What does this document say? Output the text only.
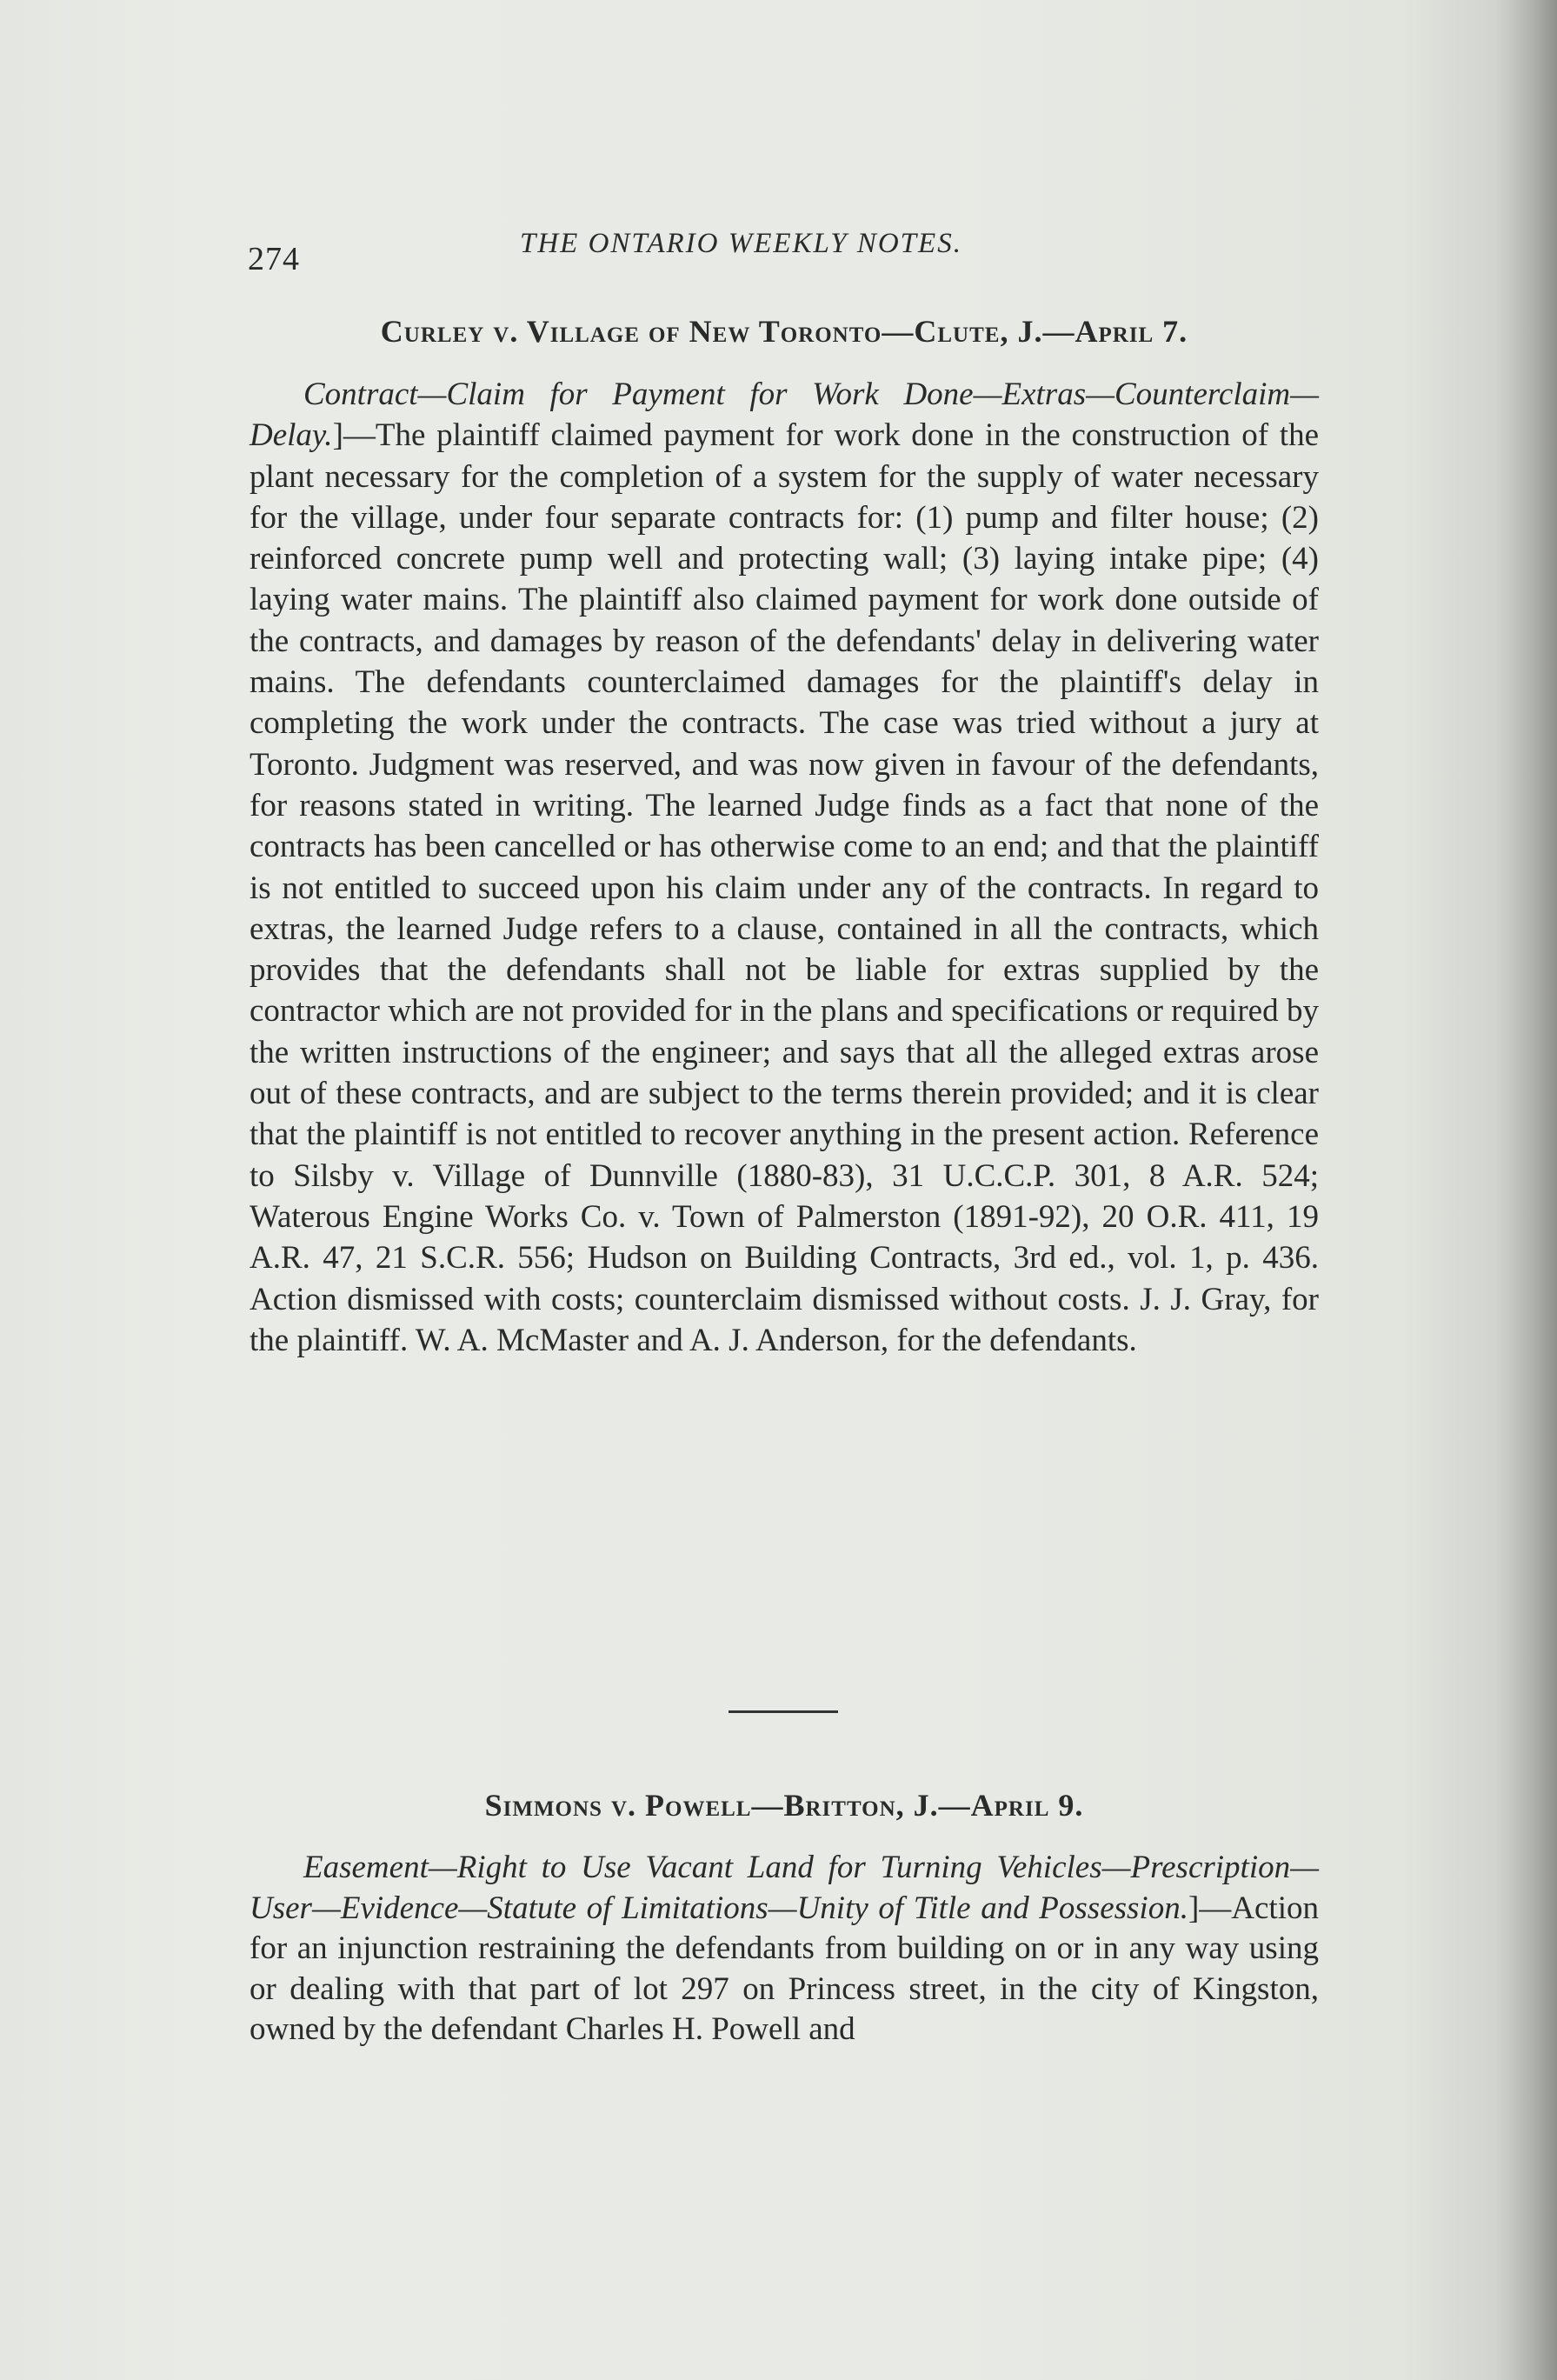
274	THE ONTARIO WEEKLY NOTES.
Curley v. Village of New Toronto—Clute, J.—April 7.

Contract—Claim for Payment for Work Done—Extras—Counterclaim—Delay.]—The plaintiff claimed payment for work done in the construction of the plant necessary for the completion of a system for the supply of water necessary for the village, under four separate contracts for: (1) pump and filter house; (2) reinforced concrete pump well and protecting wall; (3) laying intake pipe; (4) laying water mains. The plaintiff also claimed payment for work done outside of the contracts, and damages by reason of the defendants' delay in delivering water mains. The defendants counterclaimed damages for the plaintiff's delay in completing the work under the contracts. The case was tried without a jury at Toronto. Judgment was reserved, and was now given in favour of the defendants, for reasons stated in writing. The learned Judge finds as a fact that none of the contracts has been cancelled or has otherwise come to an end; and that the plaintiff is not entitled to succeed upon his claim under any of the contracts. In regard to extras, the learned Judge refers to a clause, contained in all the contracts, which provides that the defendants shall not be liable for extras supplied by the contractor which are not provided for in the plans and specifications or required by the written instructions of the engineer; and says that all the alleged extras arose out of these contracts, and are subject to the terms therein provided; and it is clear that the plaintiff is not entitled to recover anything in the present action. Reference to Silsby v. Village of Dunnville (1880-83), 31 U.C.C.P. 301, 8 A.R. 524; Waterous Engine Works Co. v. Town of Palmerston (1891-92), 20 O.R. 411, 19 A.R. 47, 21 S.C.R. 556; Hudson on Building Contracts, 3rd ed., vol. 1, p. 436. Action dismissed with costs; counterclaim dismissed without costs. J. J. Gray, for the plaintiff. W. A. McMaster and A. J. Anderson, for the defendants.

Simmons v. Powell—Britton, J.—April 9.

Easement—Right to Use Vacant Land for Turning Vehicles—Prescription—User—Evidence—Statute of Limitations—Unity of Title and Possession.]—Action for an injunction restraining the defendants from building on or in any way using or dealing with that part of lot 297 on Princess street, in the city of Kingston, owned by the defendant Charles H. Powell and
